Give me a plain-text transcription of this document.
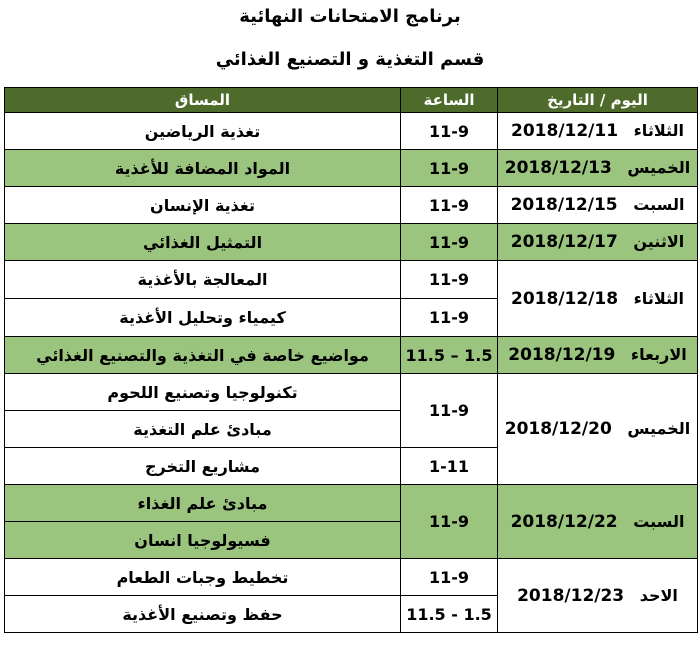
برنامج الامتحانات النهائية
قسم التغذية و التصنيع الغذائي
اليوم / التاريخ	الساعة	المساق
الثلاثاء 2018/12/11	11-9	تغذية الرياضين
الخميس 2018/12/13	11-9	المواد المضافة للأغذية
السبت 2018/12/15	11-9	تغذية الإنسان
الاثنين 2018/12/17	11-9	التمثيل الغذائي
الثلاثاء 2018/12/18	11-9	المعالجة بالأغذية
	11-9	كيمياء وتحليل الأغذية
الاربعاء 2018/12/19	11.5 – 1.5	مواضيع خاصة في التغذية والتصنيع الغذائي
الخميس 2018/12/20	11-9	تكنولوجيا وتصنيع اللحوم
		مبادئ علم التغذية
	1-11	مشاريع التخرج
السبت 2018/12/22	11-9	مبادئ علم الغذاء
		فسيولوجيا انسان
الاحد 2018/12/23	11-9	تخطيط وجبات الطعام
	11.5 - 1.5	حفظ وتصنيع الأغذية
